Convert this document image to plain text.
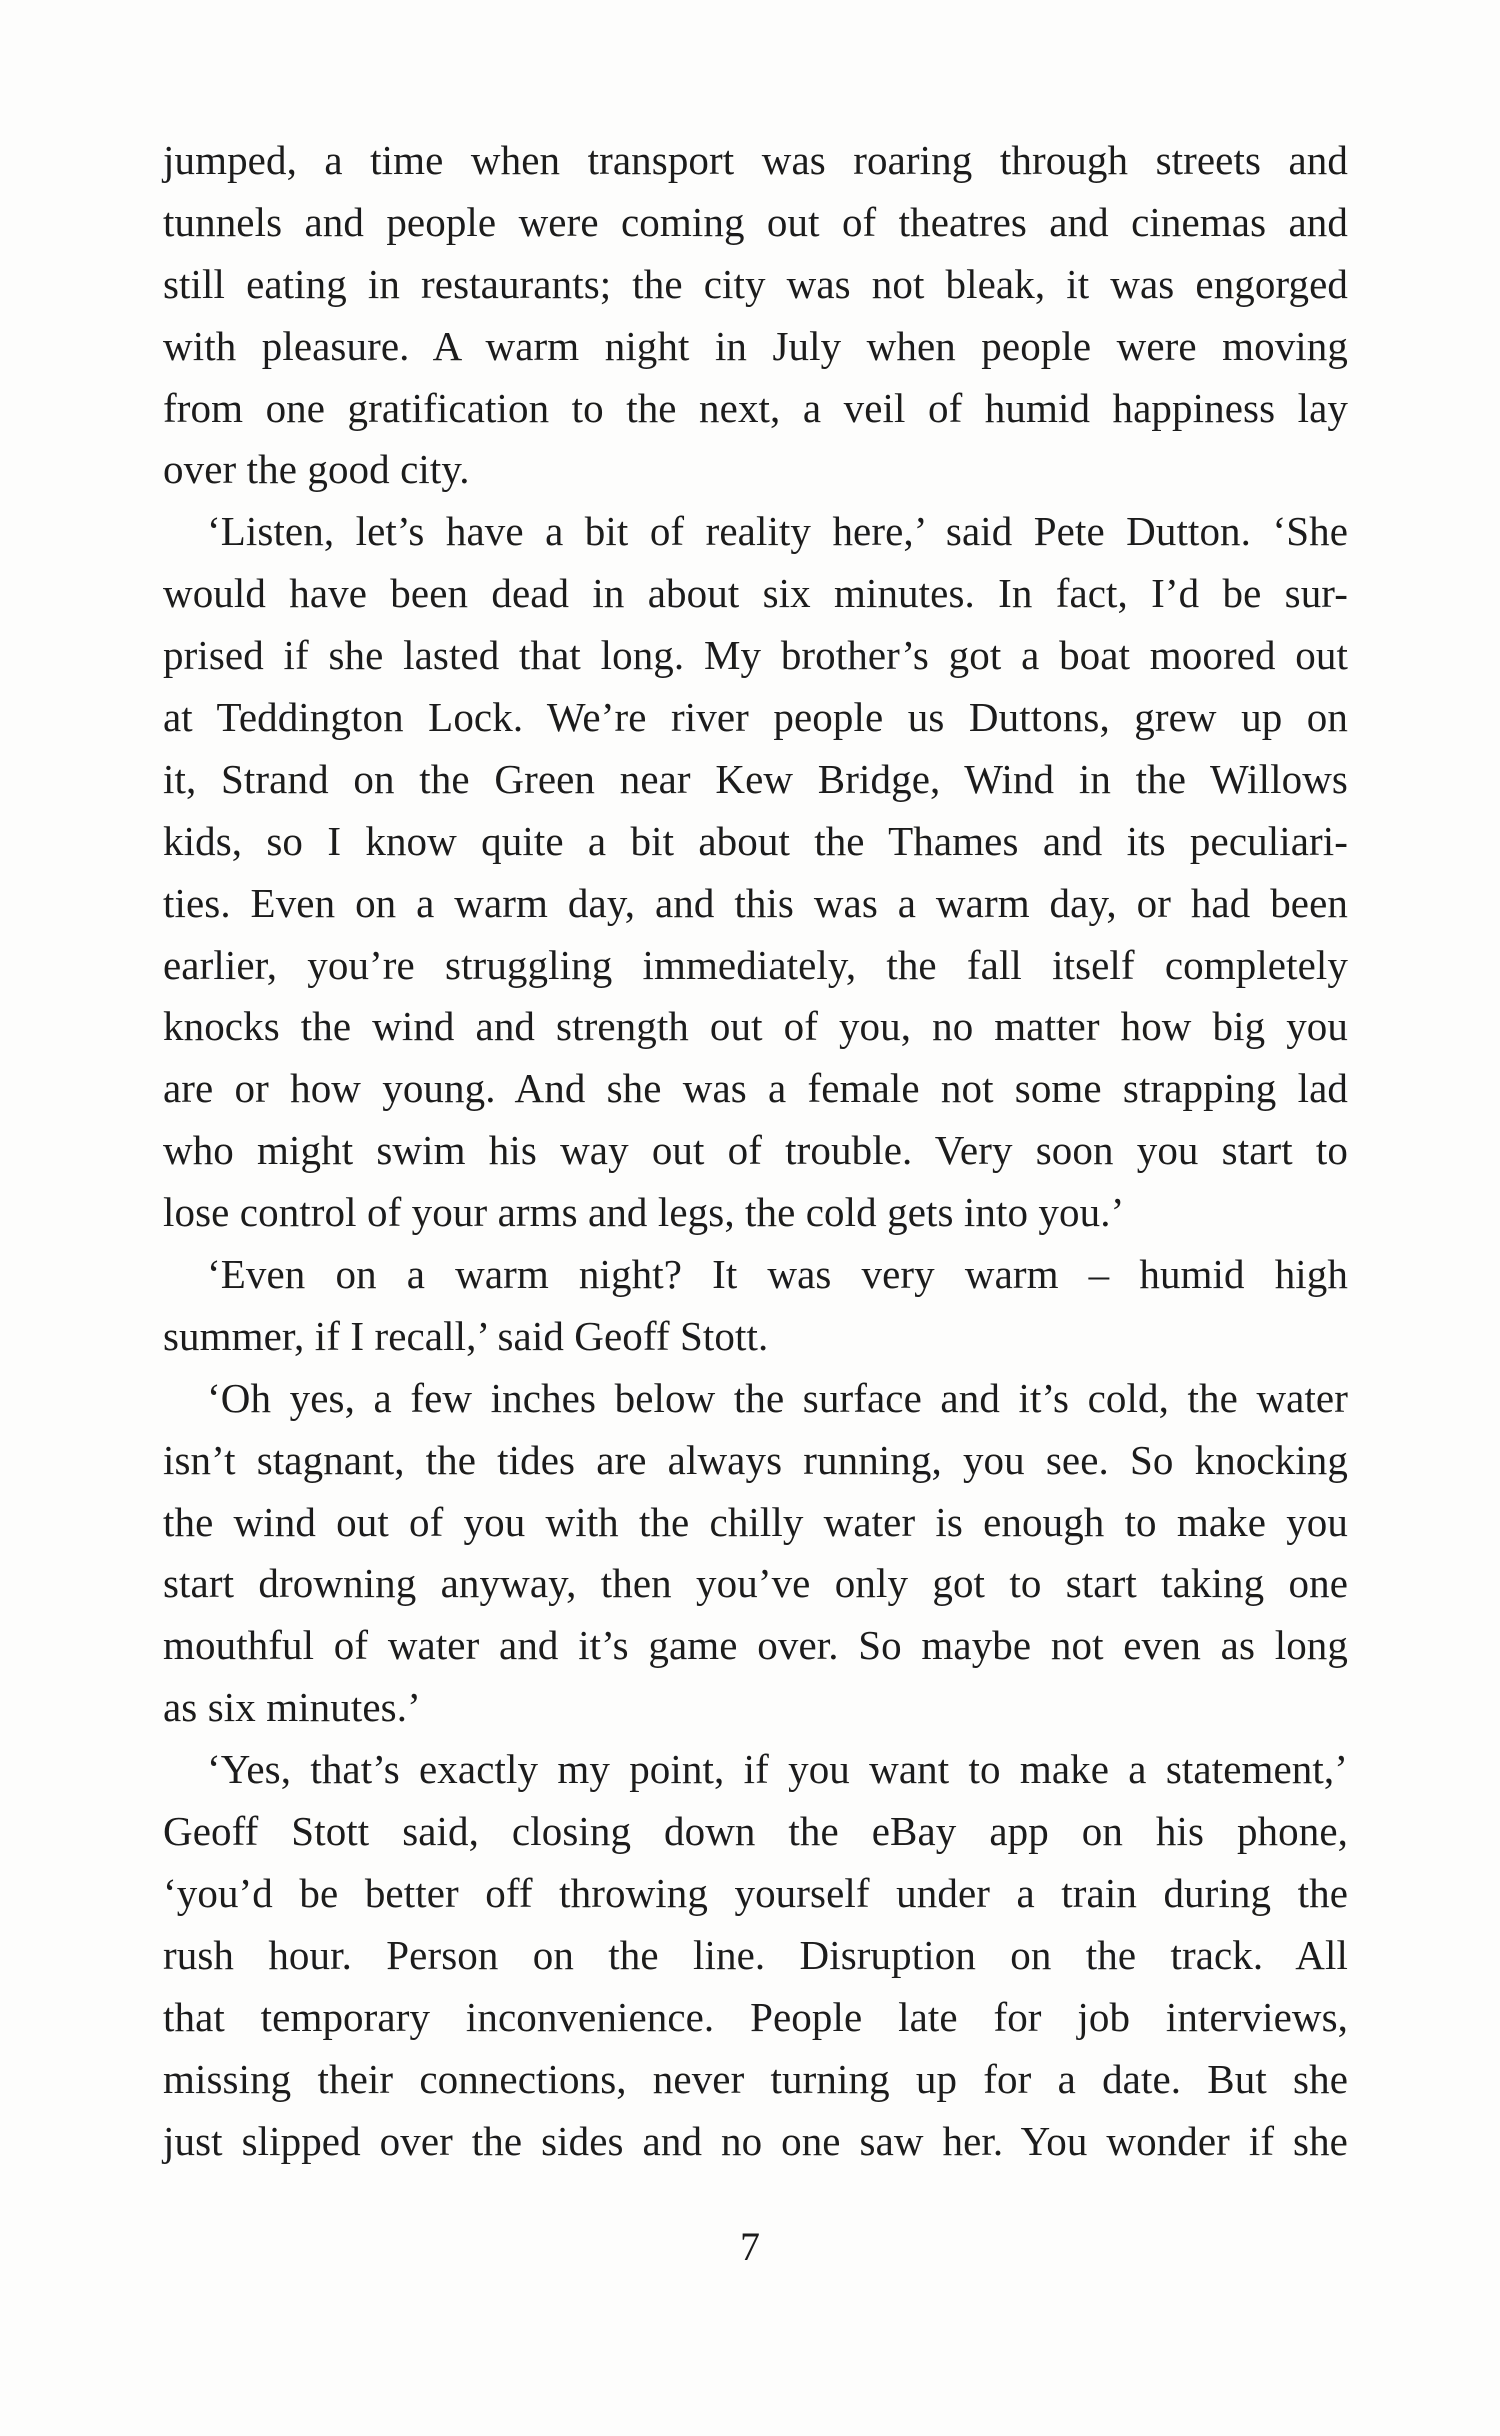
jumped, a time when transport was roaring through streets and
tunnels and people were coming out of theatres and cinemas and
still eating in restaurants; the city was not bleak, it was engorged
with pleasure. A warm night in July when people were moving
from one gratification to the next, a veil of humid happiness lay
over the good city.
‘Listen, let’s have a bit of reality here,’ said Pete Dutton. ‘She
would have been dead in about six minutes. In fact, I’d be sur-
prised if she lasted that long. My brother’s got a boat moored out
at Teddington Lock. We’re river people us Duttons, grew up on
it, Strand on the Green near Kew Bridge, Wind in the Willows
kids, so I know quite a bit about the Thames and its peculiari-
ties. Even on a warm day, and this was a warm day, or had been
earlier, you’re struggling immediately, the fall itself completely
knocks the wind and strength out of you, no matter how big you
are or how young. And she was a female not some strapping lad
who might swim his way out of trouble. Very soon you start to
lose control of your arms and legs, the cold gets into you.’
‘Even on a warm night? It was very warm – humid high
summer, if I recall,’ said Geoff Stott.
‘Oh yes, a few inches below the surface and it’s cold, the water
isn’t stagnant, the tides are always running, you see. So knocking
the wind out of you with the chilly water is enough to make you
start drowning anyway, then you’ve only got to start taking one
mouthful of water and it’s game over. So maybe not even as long
as six minutes.’
‘Yes, that’s exactly my point, if you want to make a statement,’
Geoff Stott said, closing down the eBay app on his phone,
‘you’d be better off throwing yourself under a train during the
rush hour. Person on the line. Disruption on the track. All
that temporary inconvenience. People late for job interviews,
missing their connections, never turning up for a date. But she
just slipped over the sides and no one saw her. You wonder if she
7
